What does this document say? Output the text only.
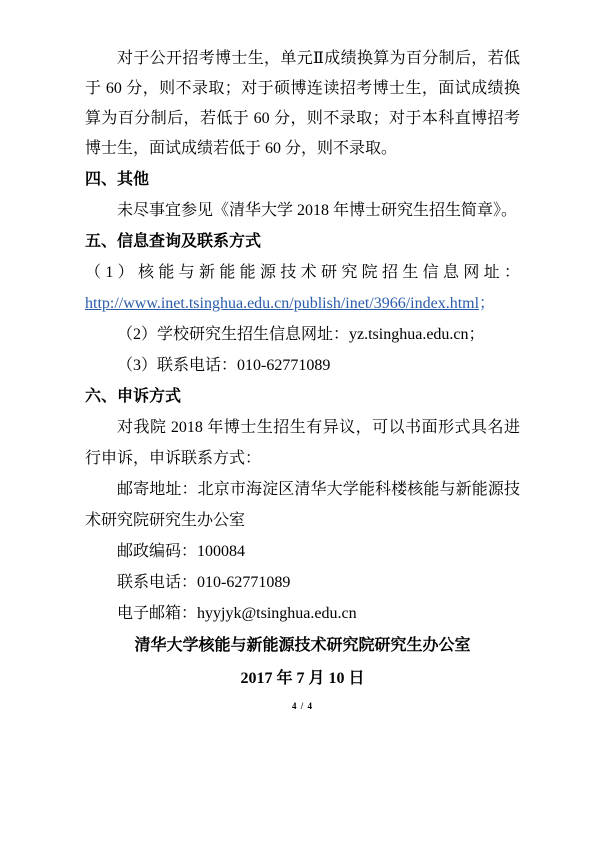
对于公开招考博士生，单元Ⅱ成绩换算为百分制后，若低于 60 分，则不录取；对于硕博连读招考博士生，面试成绩换算为百分制后，若低于 60 分，则不录取；对于本科直博招考博士生，面试成绩若低于 60 分，则不录取。

四、其他

未尽事宜参见《清华大学 2018 年博士研究生招生简章》。

五、信息查询及联系方式

（1）核能与新能能源技术研究院招生信息网址：

http://www.inet.tsinghua.edu.cn/publish/inet/3966/index.html；

（2）学校研究生招生信息网址：yz.tsinghua.edu.cn；

（3）联系电话：010-62771089

六、申诉方式

对我院 2018 年博士生招生有异议，可以书面形式具名进行申诉，申诉联系方式：

邮寄地址：北京市海淀区清华大学能科楼核能与新能源技术研究院研究生办公室

邮政编码：100084

联系电话：010-62771089

电子邮箱：hyyjyk@tsinghua.edu.cn

清华大学核能与新能源技术研究院研究生办公室

2017 年 7 月 10 日

4 / 4
